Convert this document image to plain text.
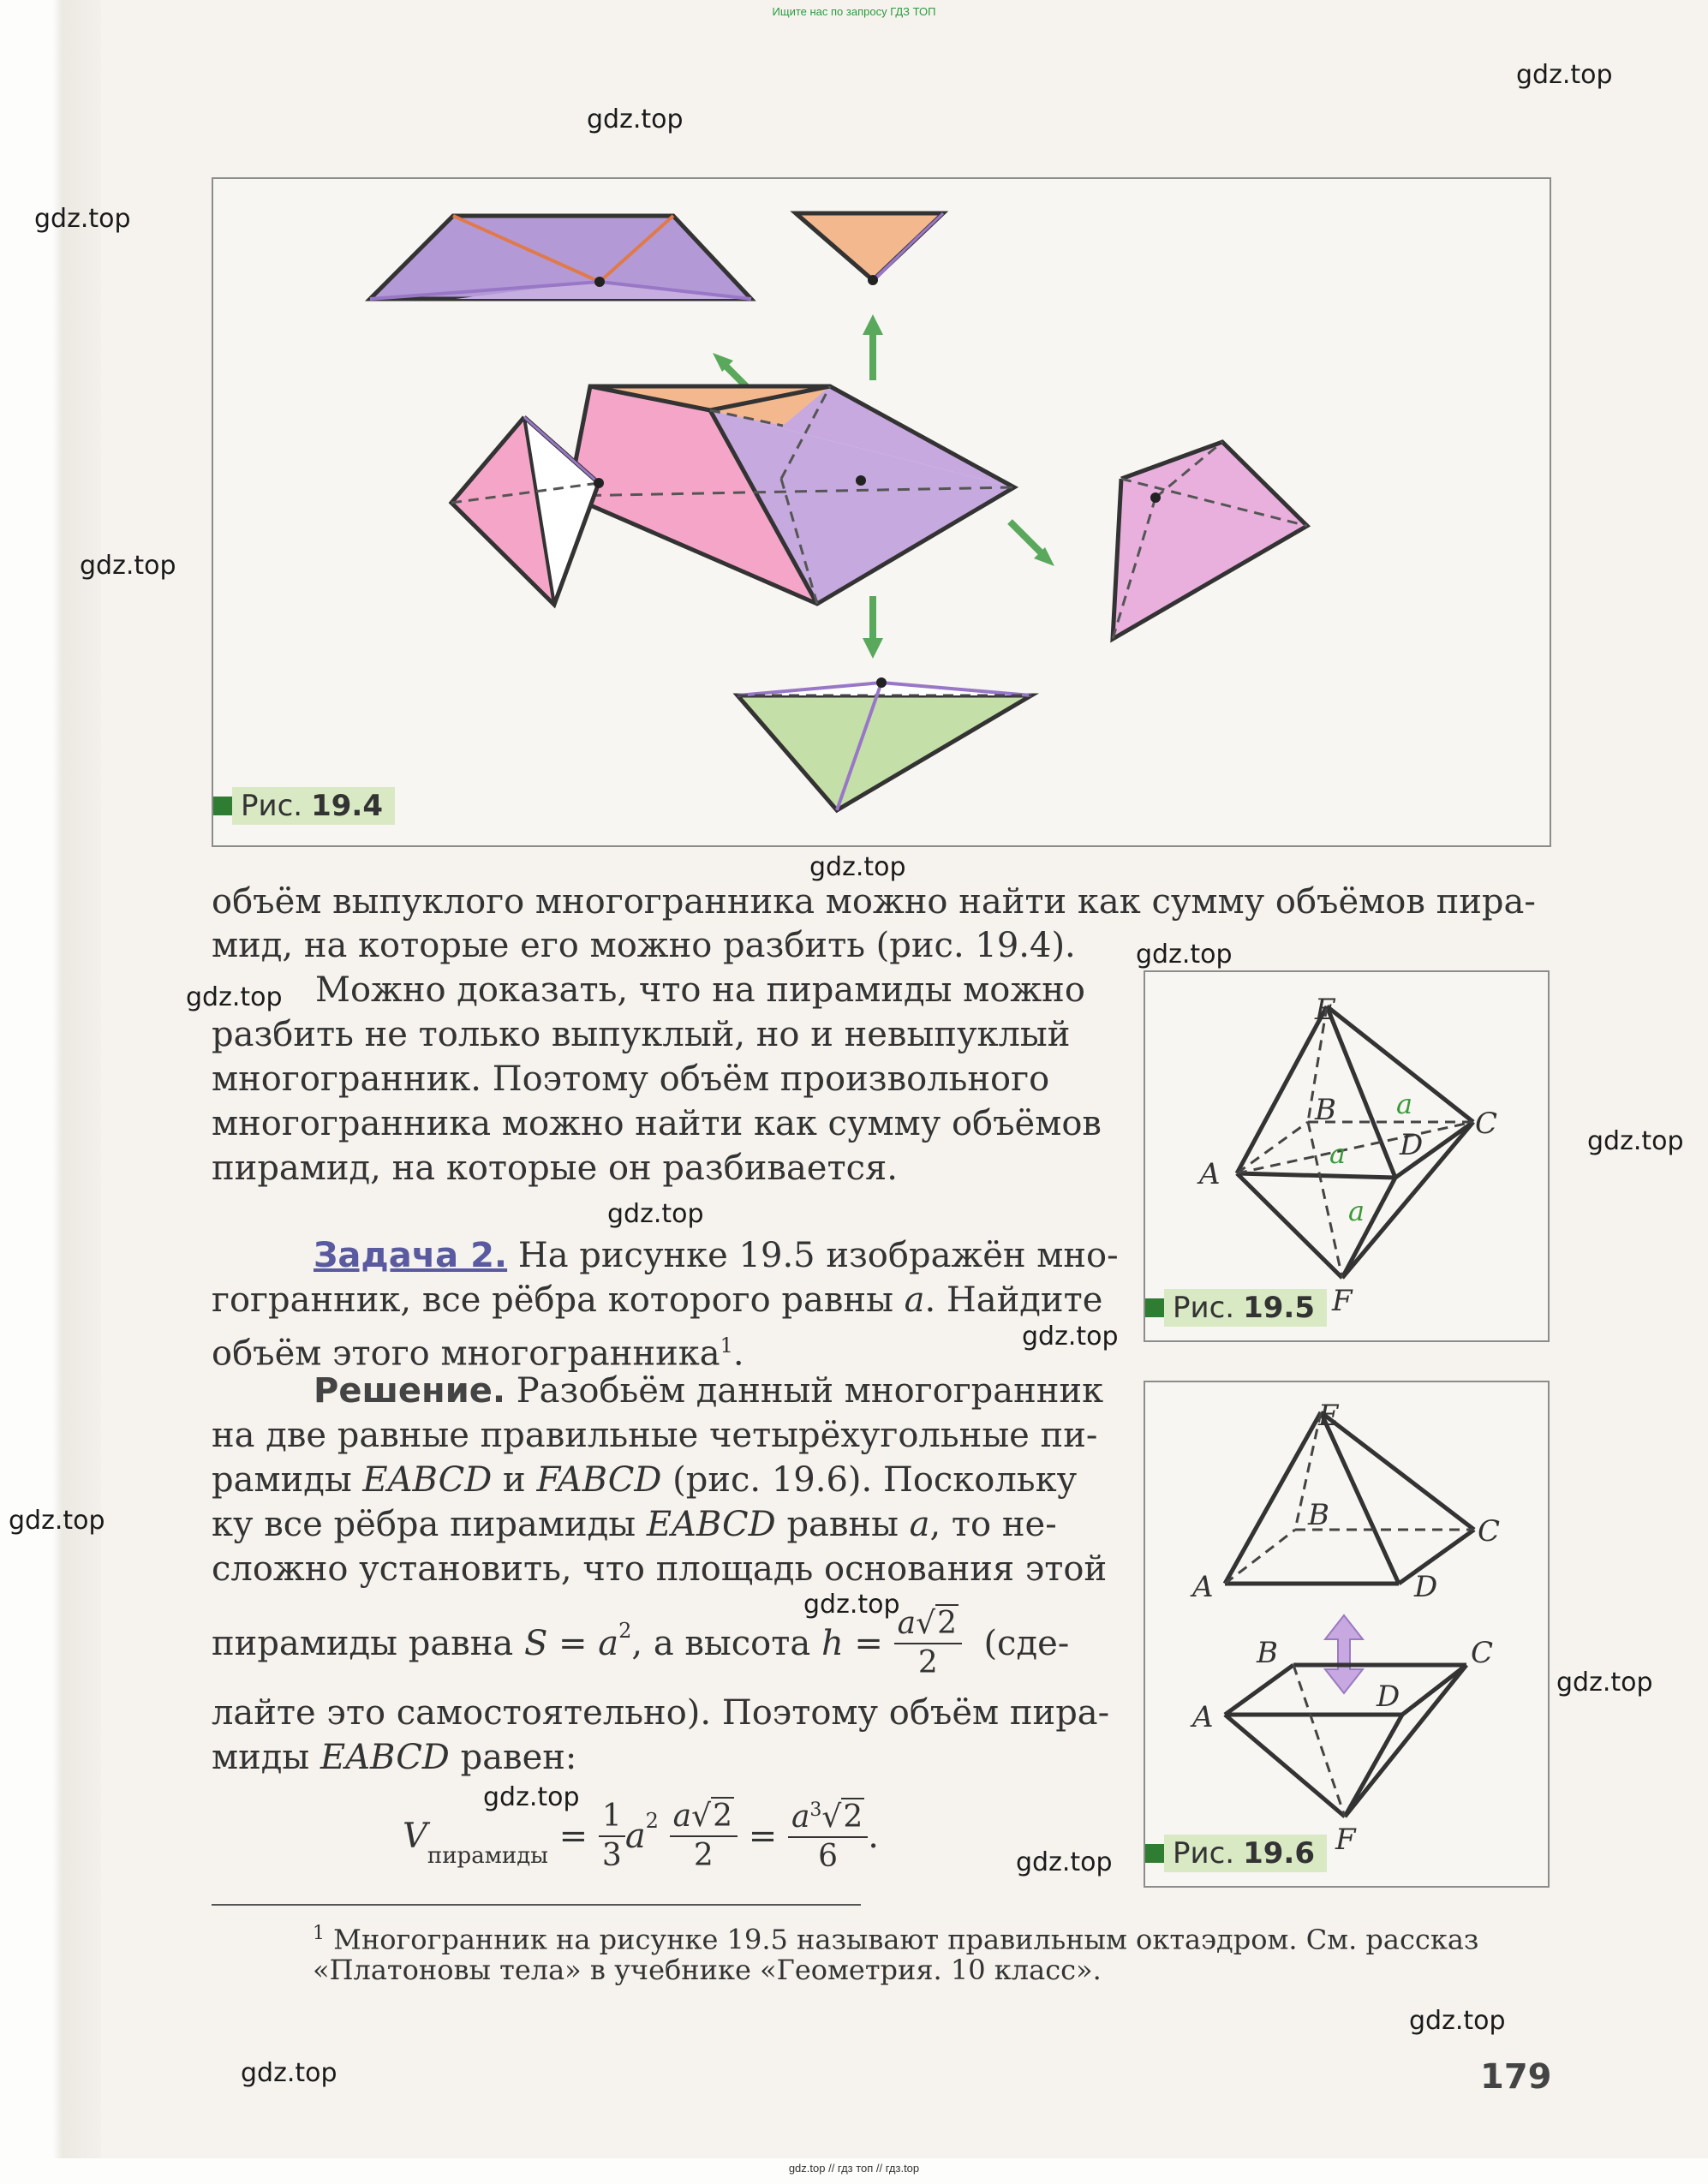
Ищите нас по запросу ГДЗ ТОП
gdz.top
gdz.top
gdz.top
gdz.top
gdz.top
gdz.top
gdz.top
gdz.top
gdz.top
gdz.top
gdz.top
gdz.top
gdz.top
gdz.top
gdz.top
gdz.top
gdz.top
Рис. 19.4
объём выпуклого многогранника можно найти как сумму объёмов пира-
мид, на которые его можно разбить (рис. 19.4).
Можно доказать, что на пирамиды можно
разбить не только выпуклый, но и невыпуклый
многогранник. Поэтому объём произвольного
многогранника можно найти как сумму объёмов
пирамид, на которые он разбивается.
E
B	C
A
D
F
a
a
a
Рис. 19.5
Задача 2. На рисунке 19.5 изображён мно-
гогранник, все рёбра которого равны a. Найдите
объём этого многогранника$^1$.
Решение. Разобьём данный многогранник
на две равные правильные четырёхугольные пи-
рамиды EABCD и FABCD (рис. 19.6). Поскольку
ку все рёбра пирамиды EABCD равны a, то не-
сложно установить, что площадь основания этой
пирамиды равна
$S = a^2$ , а высота
h =
$\frac{a√2}{2}$
(сде-
лайте это самостоятельно). Поэтому объём пира-
миды EABCD равен:
$V_{пирамиды}$
=
$\frac{1}{3} a^2$
$\frac{a√2}{2}$
=
$\frac{a^3√2}{6}$ .
E
B	C
A	D
B	C
A
D
F
Рис. 19.6
$^1$ Многогранник на рисунке 19.5 называют правильным октаэдром. См. рассказ
«Платоновы тела» в учебнике «Геометрия. 10 класс».
179
gdz.top // гдз топ // гдз.top
